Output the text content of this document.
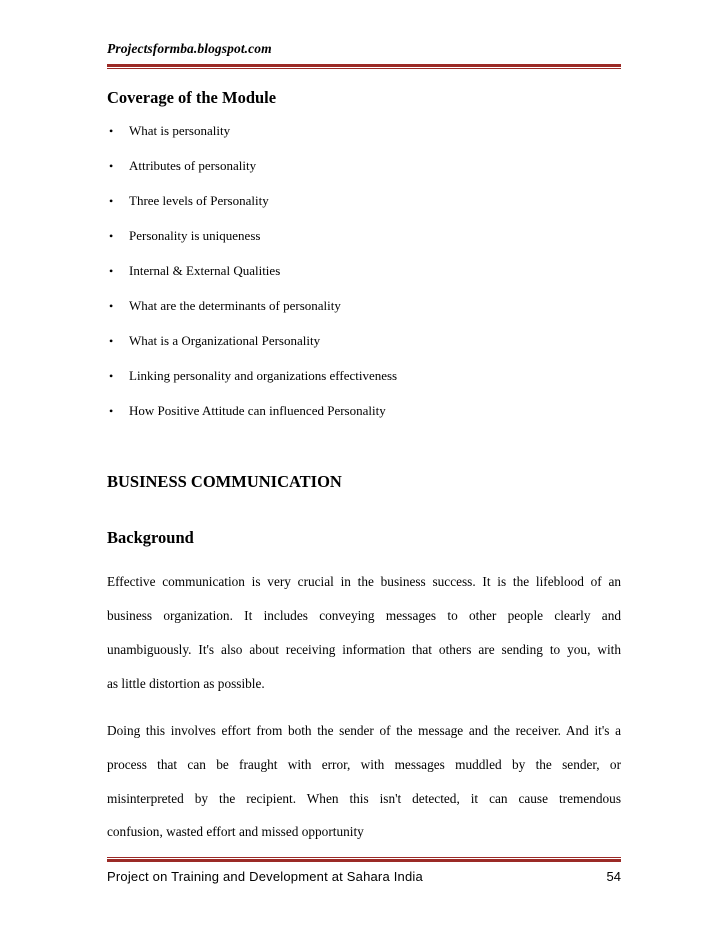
Projectsformba.blogspot.com
Coverage of the Module
• What is personality
• Attributes of personality
• Three levels of Personality
• Personality is uniqueness
• Internal & External Qualities
• What are the determinants of personality
• What is a Organizational Personality
• Linking personality and organizations effectiveness
• How Positive Attitude can influenced Personality
BUSINESS COMMUNICATION
Background
Effective communication is very crucial in the business success. It is the lifeblood of an
business organization. It includes conveying messages to other people clearly and
unambiguously. It's also about receiving information that others are sending to you, with
as little distortion as possible.
Doing this involves effort from both the sender of the message and the receiver. And it's a
process that can be fraught with error, with messages muddled by the sender, or
misinterpreted by the recipient. When this isn't detected, it can cause tremendous
confusion, wasted effort and missed opportunity
Project on Training and Development at Sahara India	54
